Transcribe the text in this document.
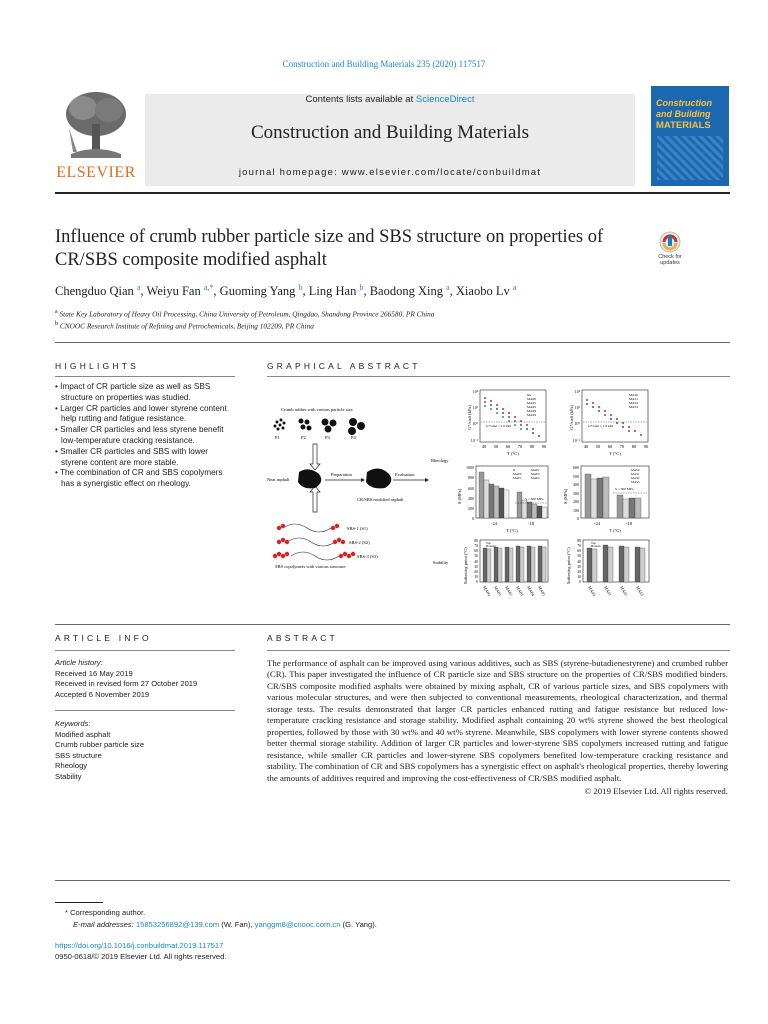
Construction and Building Materials 235 (2020) 117517
ELSEVIER
Contents lists available at ScienceDirect
Construction and Building Materials
journal homepage: www.elsevier.com/locate/conbuildmat
Construction and Building
MATERIALS
Influence of crumb rubber particle size and SBS structure on properties of CR/SBS composite modified asphalt	Check for updates
Chengduo Qian $^a$, Weiyu Fan $^{a,*}$, Guoming Yang $^b$, Ling Han $^b$, Baodong Xing $^a$, Xiaobo Lv $^a$
$^a$ State Key Laboratory of Heavy Oil Processing, China University of Petroleum, Qingdao, Shandong Province 266580, PR China
$^b$ CNOOC Research Institute of Refining and Petrochemicals, Beijing 102209, PR China
HIGHLIGHTS
• Impact of CR particle size as well as SBS structure on properties was studied.
• Larger CR particles and lower styrene content help rutting and fatigue resistance.
• Smaller CR particles and less styrene benefit low-temperature cracking resistance.
• Smaller CR particles and SBS with lower styrene content are more stable.
• The combination of CR and SBS copolymers has a synergistic effect on rheology.
GRAPHICAL ABSTRACT
Crumb rubber with various particle size
P1	P2	P3	P4
Neat asphalt
Preparation	Evaluation
CR/SBS modified asphalt
SBS-1 (S1)
SBS-2 (S2)
SBS-3 (S3)
SBS copolymers with various structure
Rheology
Stability
G*/sinδ (kPa)
10²
10¹
10⁰
10⁻¹
40 50 60 70 80 90
T (°C)
G*/sinδ = 1.0 kPa
Nu
MAP0
MAP1
MAP2
MAP3
MAP4	G*/sinδ (kPa)
10²
10¹
10⁰
10⁻¹
40 50 60 70 80 90
T (°C)
G*/sinδ = 1.0 kPa
MAS0
MAS1
MAS2
MAS3
S (MPa)
1000
800
600
400
200
0
S = 300 MPa
N
MAP0
MAP1
MAP2
MAP3
MAP4
-24	-18
T (°C)
S (MPa)
600
500
400
300
200
100
0
S = 300 MPa
MAS0
MAS1
MAS2
MAS3
-24	-18
T (°C)
Softening point (°C)
80
70
60
50
40
30
20
10
0
Top
Bottom
MAP0 MAP1 MAP2 MAP3 MAP4 MAP5
Softening point (°C)
80
70
60
50
40
30
20
10
0
Top
Bottom
MAS0 MAS1 MAS2 MAS3
ARTICLE INFO
Article history:
Received 16 May 2019
Received in revised form 27 October 2019
Accepted 6 November 2019
Keywords:
Modified asphalt
Crumb rubber particle size
SBS structure
Rheology
Stability
ABSTRACT
The performance of asphalt can be improved using various additives, such as SBS (styrene-butadienestyrene) and crumbed rubber (CR). This paper investigated the influence of CR particle size and SBS structure on the properties of CR/SBS modified binders. CR/SBS composite modified asphalts were obtained by mixing asphalt, CR of various particle sizes, and SBS copolymers with various molecular structures, and were then subjected to conventional measurements, rheological characterization, and thermal storage tests. The results demonstrated that larger CR particles enhanced rutting and fatigue resistance but reduced low-temperature cracking resistance and storage stability. Modified asphalt containing 20 wt% styrene showed the best rheological properties, followed by those with 30 wt% and 40 wt% styrene. Meanwhile, SBS copolymers with lower styrene contents showed better thermal storage stability. Addition of larger CR particles and lower-styrene SBS copolymers increased rutting and fatigue resistance, while smaller CR particles and lower-styrene SBS copolymers benefited low-temperature cracking resistance and stability. The combination of CR and SBS copolymers has a synergistic effect on asphalt's rheological properties, thereby lowering the amounts of additives required and improving the cost-effectiveness of CR/SBS modified asphalt.
© 2019 Elsevier Ltd. All rights reserved.
* Corresponding author.
E-mail addresses: 15853256892@139.com (W. Fan), yanggm8@cnooc.com.cn (G. Yang).
https://doi.org/10.1016/j.conbuildmat.2019.117517
0950-0618/© 2019 Elsevier Ltd. All rights reserved.
